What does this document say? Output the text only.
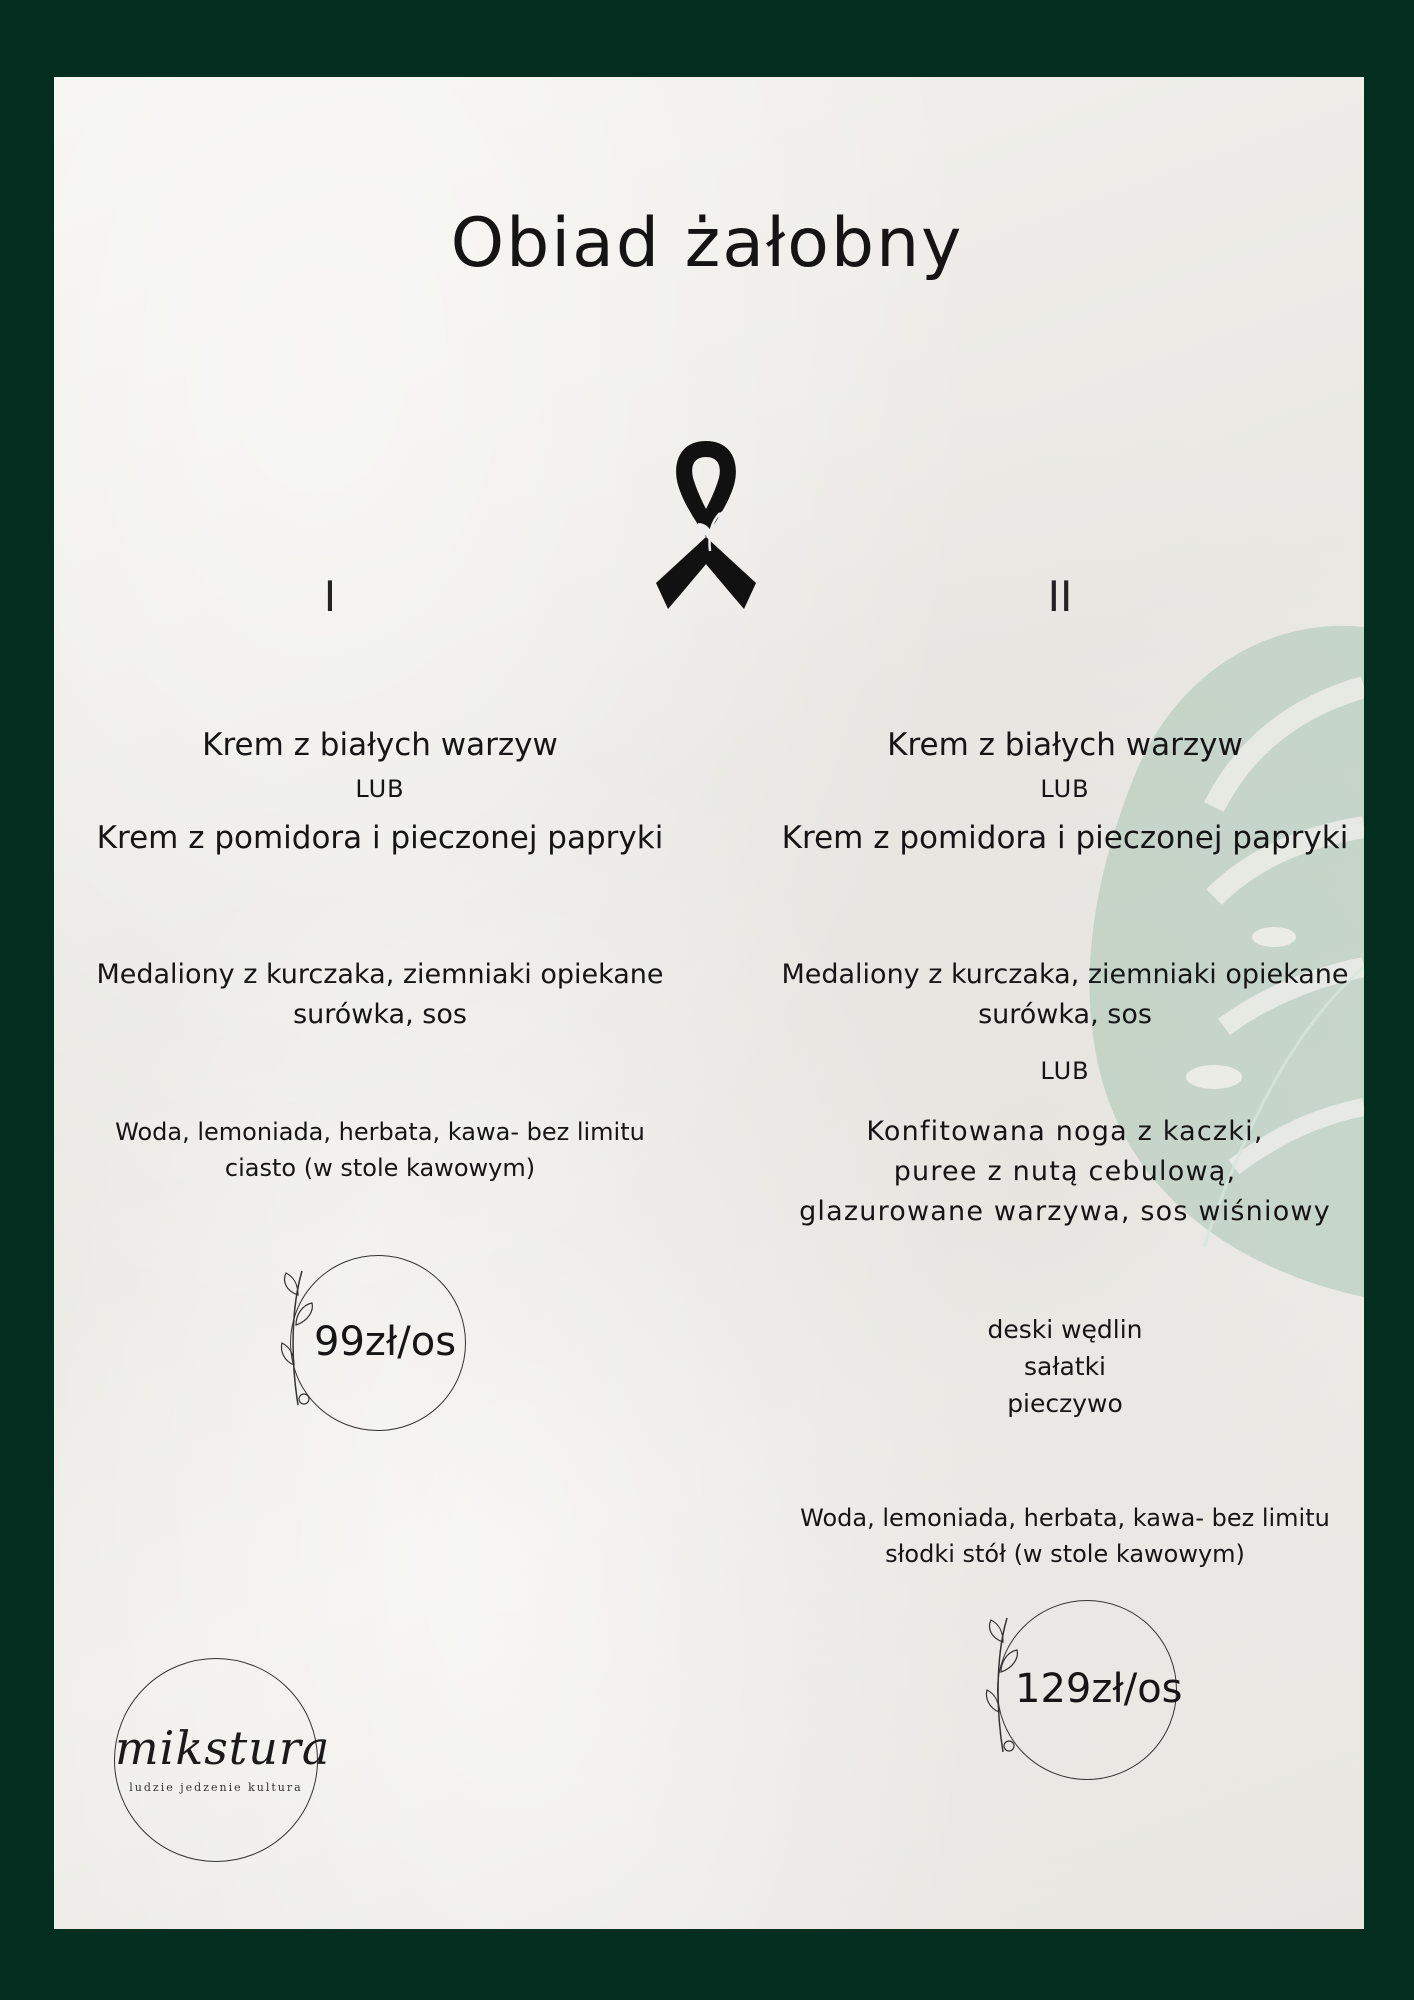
Obiad żałobny

I

Krem z białych warzyw

LUB

Krem z pomidora i pieczonej papryki

Medaliony z kurczaka, ziemniaki opiekane

surówka, sos

Woda, lemoniada, herbata, kawa- bez limitu

ciasto (w stole kawowym)

99zł/os

II

Krem z białych warzyw

LUB

Krem z pomidora i pieczonej papryki

Medaliony z kurczaka, ziemniaki opiekane

surówka, sos

LUB

Konfitowana noga z kaczki,

puree z nutą cebulową,

glazurowane warzywa, sos wiśniowy

deski wędlin

sałatki

pieczywo

Woda, lemoniada, herbata, kawa- bez limitu

słodki stół (w stole kawowym)

129zł/os
mikstura
ludzie jedzenie kultura
